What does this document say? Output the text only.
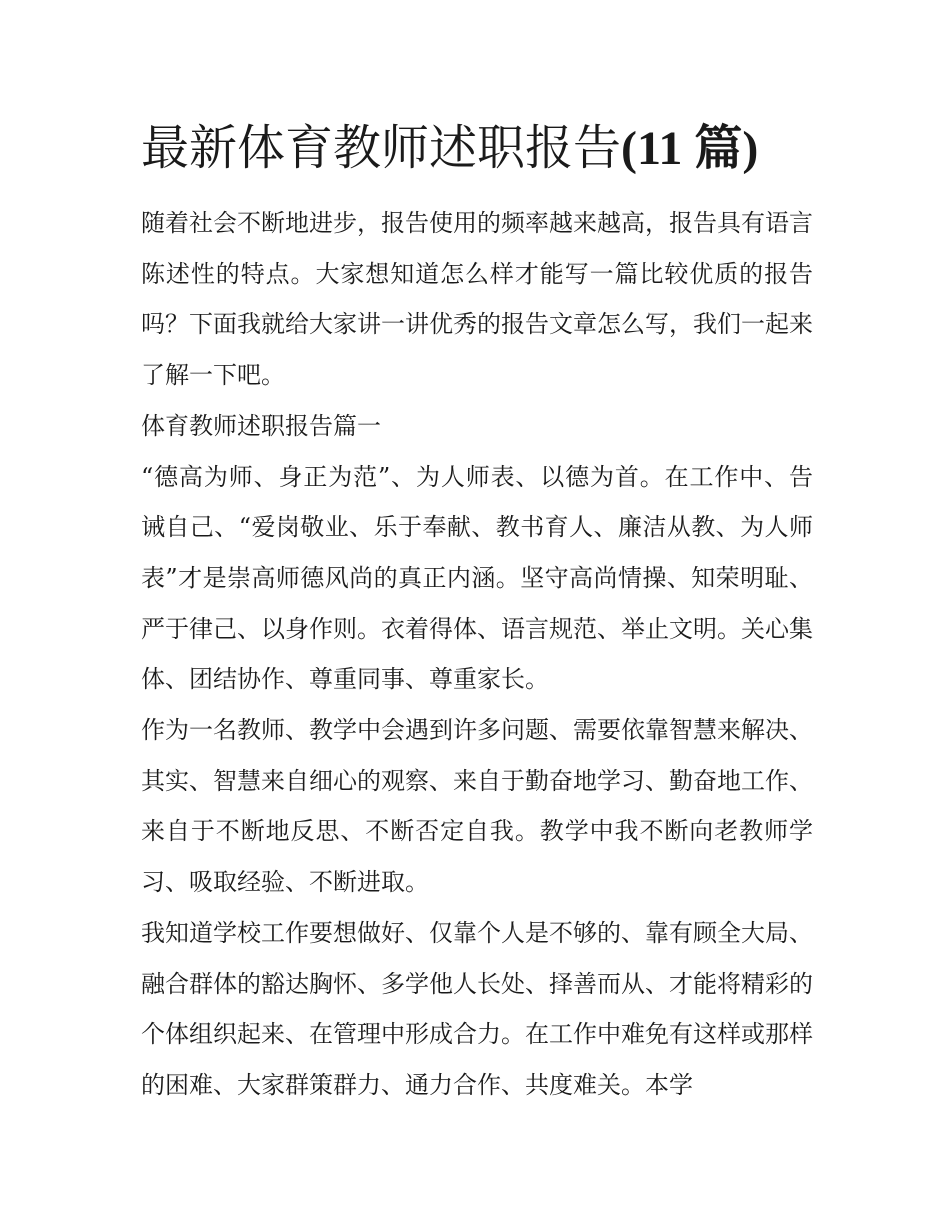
最新体育教师述职报告(11 篇)

随着社会不断地进步，报告使用的频率越来越高，报告具有语言陈述性的特点。大家想知道怎么样才能写一篇比较优质的报告吗？下面我就给大家讲一讲优秀的报告文章怎么写，我们一起来了解一下吧。

体育教师述职报告篇一

“德高为师、身正为范”、为人师表、以德为首。在工作中、告诫自己、“爱岗敬业、乐于奉献、教书育人、廉洁从教、为人师表”才是崇高师德风尚的真正内涵。坚守高尚情操、知荣明耻、严于律己、以身作则。衣着得体、语言规范、举止文明。关心集体、团结协作、尊重同事、尊重家长。

作为一名教师、教学中会遇到许多问题、需要依靠智慧来解决、其实、智慧来自细心的观察、来自于勤奋地学习、勤奋地工作、来自于不断地反思、不断否定自我。教学中我不断向老教师学习、吸取经验、不断进取。

我知道学校工作要想做好、仅靠个人是不够的、靠有顾全大局、融合群体的豁达胸怀、多学他人长处、择善而从、才能将精彩的个体组织起来、在管理中形成合力。在工作中难免有这样或那样的困难、大家群策群力、通力合作、共度难关。本学
